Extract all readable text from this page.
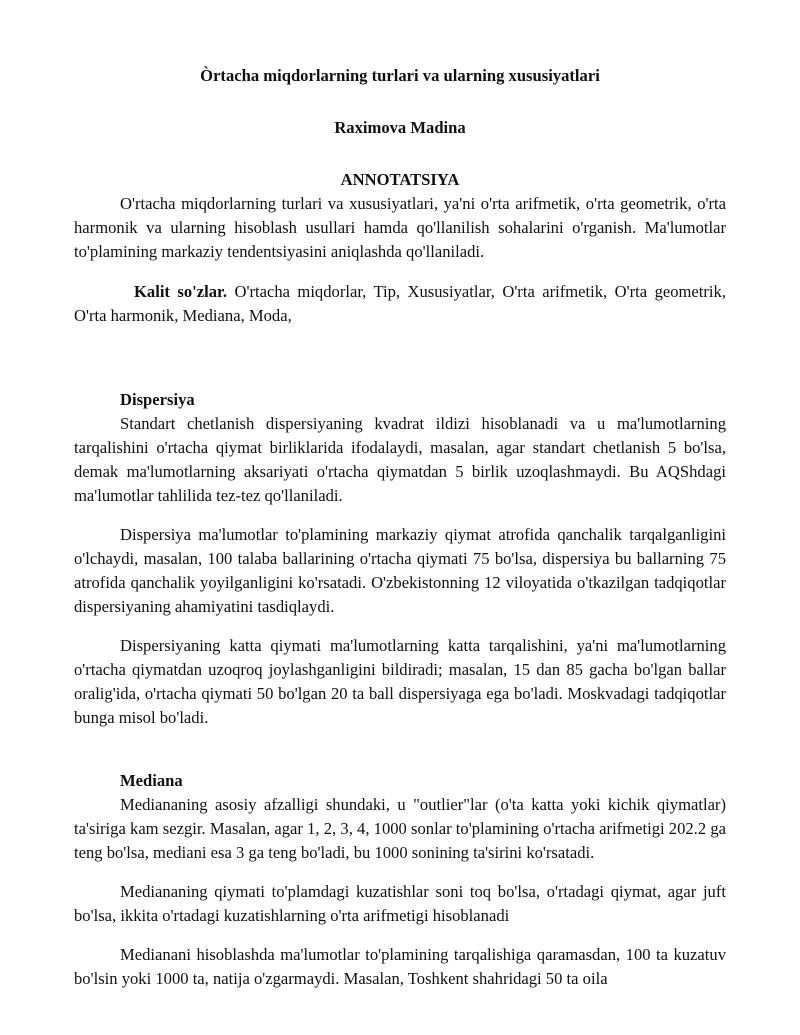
Òrtacha miqdorlarning turlari va ularning xususiyatlari

Raximova Madina

ANNOTATSIYA

O'rtacha miqdorlarning turlari va xususiyatlari, ya'ni o'rta arifmetik, o'rta geometrik, o'rta harmonik va ularning hisoblash usullari hamda qo'llanilish sohalarini o'rganish. Ma'lumotlar to'plamining markaziy tendentsiyasini aniqlashda qo'llaniladi.

Kalit so'zlar. O'rtacha miqdorlar, Tip, Xususiyatlar, O'rta arifmetik, O'rta geometrik, O'rta harmonik, Mediana, Moda,

Dispersiya

Standart chetlanish dispersiyaning kvadrat ildizi hisoblanadi va u ma'lumotlarning tarqalishini o'rtacha qiymat birliklarida ifodalaydi, masalan, agar standart chetlanish 5 bo'lsa, demak ma'lumotlarning aksariyati o'rtacha qiymatdan 5 birlik uzoqlashmaydi. Bu AQShdagi ma'lumotlar tahlilida tez-tez qo'llaniladi.

Dispersiya ma'lumotlar to'plamining markaziy qiymat atrofida qanchalik tarqalganligini o'lchaydi, masalan, 100 talaba ballarining o'rtacha qiymati 75 bo'lsa, dispersiya bu ballarning 75 atrofida qanchalik yoyilganligini ko'rsatadi. O'zbekistonning 12 viloyatida o'tkazilgan tadqiqotlar dispersiyaning ahamiyatini tasdiqlaydi.

Dispersiyaning katta qiymati ma'lumotlarning katta tarqalishini, ya'ni ma'lumotlarning o'rtacha qiymatdan uzoqroq joylashganligini bildiradi; masalan, 15 dan 85 gacha bo'lgan ballar oralig'ida, o'rtacha qiymati 50 bo'lgan 20 ta ball dispersiyaga ega bo'ladi. Moskvadagi tadqiqotlar bunga misol bo'ladi.

Mediana

Mediananіng asosiy afzalligi shundaki, u "outlier"lar (o'ta katta yoki kichik qiymatlar) ta'siriga kam sezgir. Masalan, agar 1, 2, 3, 4, 1000 sonlar to'plamining o'rtacha arifmetigi 202.2 ga teng bo'lsa, mediani esa 3 ga teng bo'ladi, bu 1000 sonining ta'sirini ko'rsatadi.

Mediananing qiymati to'plamdagi kuzatishlar soni toq bo'lsa, o'rtadagi qiymat, agar juft bo'lsa, ikkita o'rtadagi kuzatishlarning o'rta arifmetigi hisoblanadi

Medianani hisoblashda ma'lumotlar to'plamining tarqalishiga qaramasdan, 100 ta kuzatuv bo'lsin yoki 1000 ta, natija o'zgarmaydi. Masalan, Toshkent shahridagi 50 ta oila
